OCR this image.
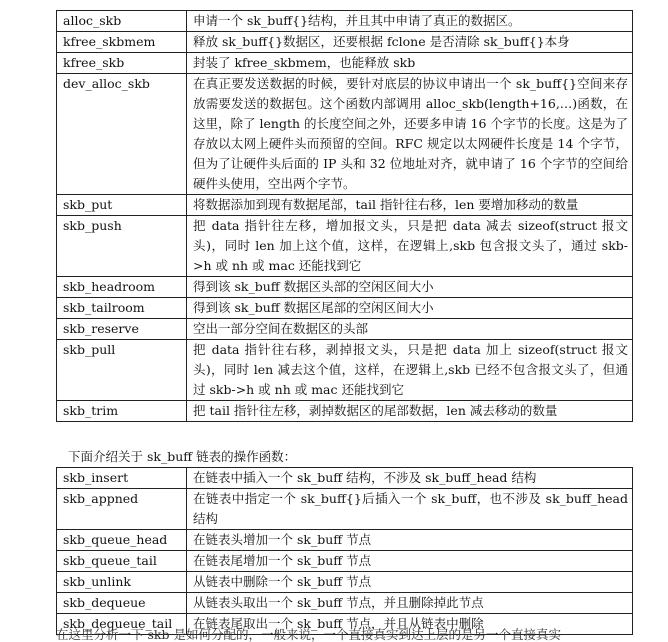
alloc_skb	申请一个 sk_buff{}结构，并且其中申请了真正的数据区。
kfree_skbmem	释放 sk_buff{}数据区，还要根据 fclone 是否清除 sk_buff{}本身
kfree_skb	封装了 kfree_skbmem，也能释放 skb
dev_alloc_skb	在真正要发送数据的时候，要针对底层的协议申请出一个 sk_buff{}空间来存放需要发送的数据包。这个函数内部调用 alloc_skb(length+16,…)函数，在这里，除了 length 的长度空间之外，还要多申请 16 个字节的长度。这是为了存放以太网上硬件头而预留的空间。RFC 规定以太网硬件长度是 14 个字节，但为了让硬件头后面的 IP 头和 32 位地址对齐，就申请了 16 个字节的空间给硬件头使用，空出两个字节。
skb_put	将数据添加到现有数据尾部，tail 指针往右移，len 要增加移动的数量
skb_push	把 data 指针往左移，增加报文头，只是把 data 减去 sizeof(struct 报文头)，同时 len 加上这个值，这样，在逻辑上,skb 包含报文头了，通过 skb->h 或 nh 或 mac 还能找到它
skb_headroom	得到该 sk_buff 数据区头部的空闲区间大小
skb_tailroom	得到该 sk_buff 数据区尾部的空闲区间大小
skb_reserve	空出一部分空间在数据区的头部
skb_pull	把 data 指针往右移，剥掉报文头，只是把 data 加上 sizeof(struct 报文头)，同时 len 减去这个值，这样，在逻辑上,skb 已经不包含报文头了，但通过 skb->h 或 nh 或 mac 还能找到它
skb_trim	把 tail 指针往左移，剥掉数据区的尾部数据，len 减去移动的数量
下面介绍关于 sk_buff 链表的操作函数：
skb_insert	在链表中插入一个 sk_buff 结构，不涉及 sk_buff_head 结构
skb_appned	在链表中指定一个 sk_buff{}后插入一个 sk_buff，也不涉及 sk_buff_head 结构
skb_queue_head	在链表头增加一个 sk_buff 节点
skb_queue_tail	在链表尾增加一个 sk_buff 节点
skb_unlink	从链表中删除一个 sk_buff 节点
skb_dequeue	从链表头取出一个 sk_buff 节点，并且删除掉此节点
skb_dequeue_tail	在链表尾取出一个 sk_buff 节点，并且从链表中删除
在这里分析一下 skb 是如何分配的，一般来说，一个直接真实到达上层的是另一个直接真实
